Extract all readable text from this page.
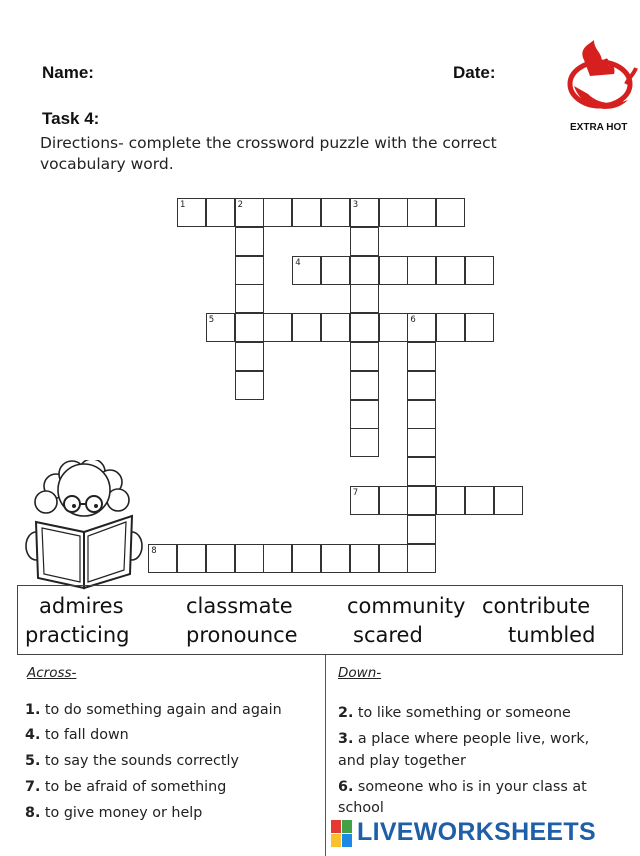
Name:	Date:
Task 4:
Directions- complete the crossword puzzle with the correct
vocabulary word.
EXTRA HOT
1	2	3
4
5	6
7
8
admires	classmate	community contribute
practicing	pronounce	scared	tumbled
Across-
1. to do something again and again
4. to fall down
5. to say the sounds correctly
7. to be afraid of something
8. to give money or help
Down-
2. to like something or someone
3. a place where people live, work,
and play together
6. someone who is in your class at
school
LIVEWORKSHEETS
